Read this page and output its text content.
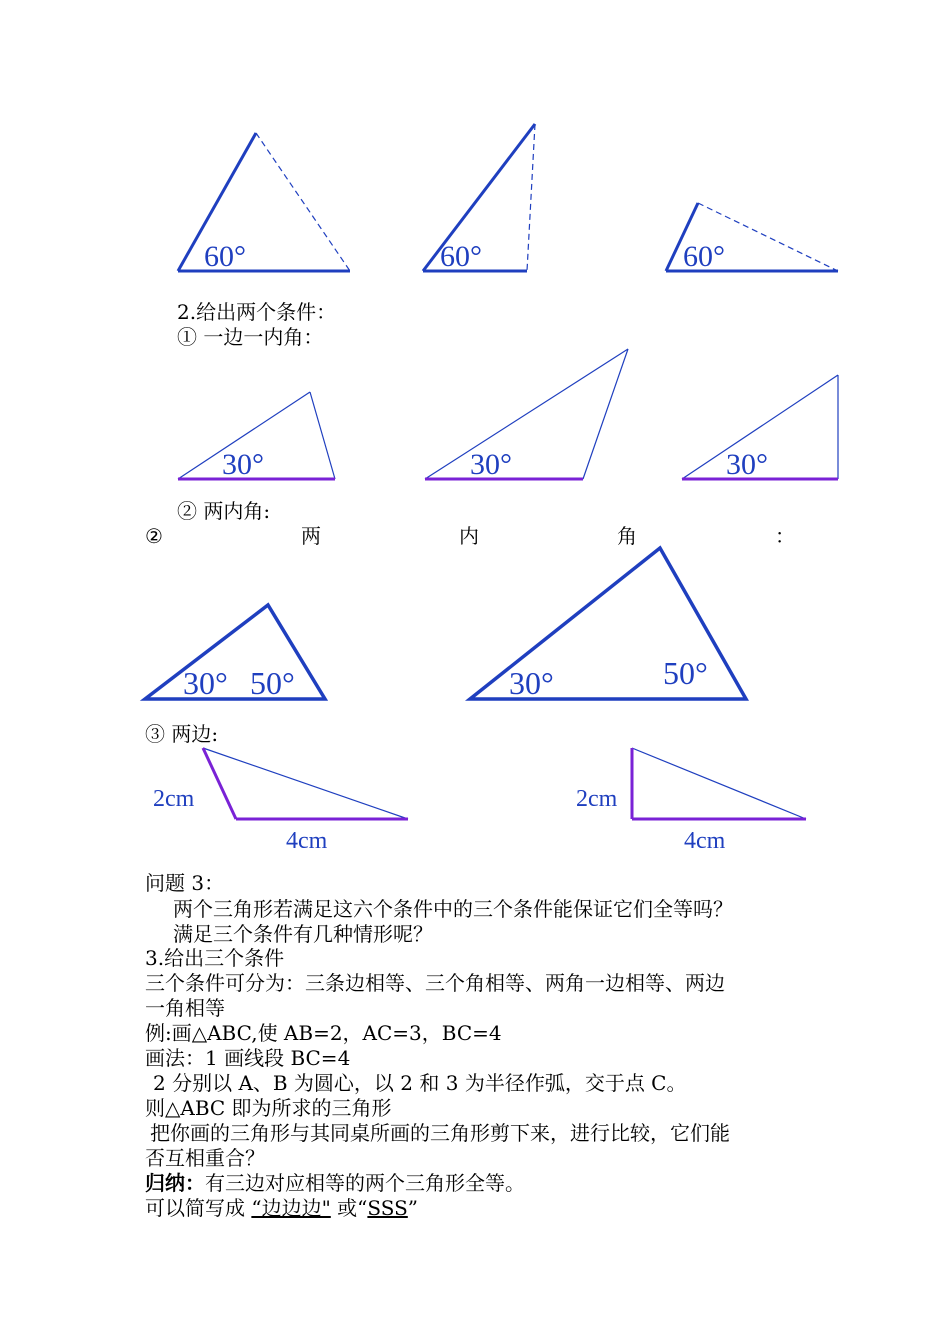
60°	60°	60°
30°	30°	30°
30° 50°	30°	50°
2cm
4cm
2cm
4cm
2.给出两个条件：
① 一边一内角：
② 两内角:
②	两	内	角	：
③ 两边:
问题 3：
两个三角形若满足这六个条件中的三个条件能保证它们全等吗？
满足三个条件有几种情形呢？
3.给出三个条件
三个条件可分为：三条边相等、三个角相等、两角一边相等、两边
一角相等
例:画△ABC,使 AB=2，AC=3，BC=4
画法：1 画线段 BC=4
2 分别以 A、B 为圆心，以 2 和 3 为半径作弧，交于点 C。
则△ABC 即为所求的三角形
把你画的三角形与其同桌所画的三角形剪下来，进行比较，它们能
否互相重合？
归纳：有三边对应相等的两个三角形全等。
可以简写成 “边边边" 或“SSS”
